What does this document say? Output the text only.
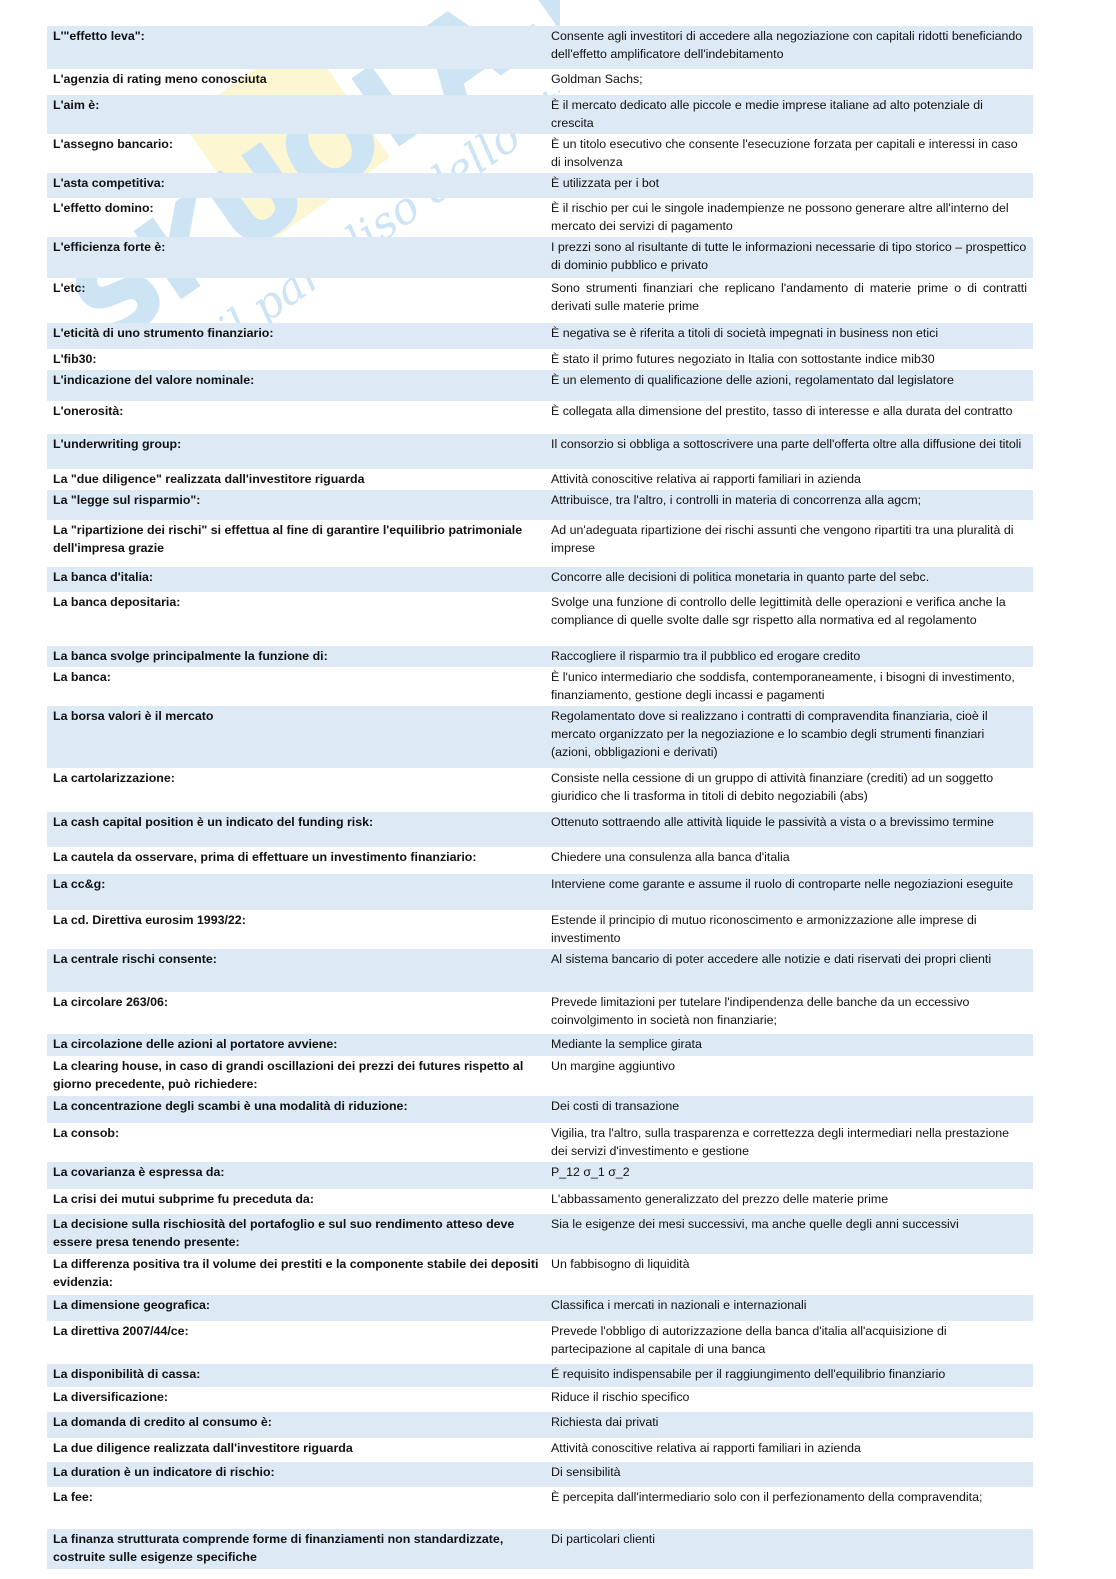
dello studente
L'"effetto leva":	Consente agli investitori di accedere alla negoziazione con capitali ridotti beneficiando dell'effetto amplificatore dell'indebitamento
L'agenzia di rating meno conosciuta	Goldman Sachs;
L'aim è:	È il mercato dedicato alle piccole e medie imprese italiane ad alto potenziale di crescita
L'assegno bancario:	È un titolo esecutivo che consente l'esecuzione forzata per capitali e interessi in caso di insolvenza
L'asta competitiva:	È utilizzata per i bot
L'effetto domino:	È il rischio per cui le singole inadempienze ne possono generare altre all'interno del mercato dei servizi di pagamento
L'efficienza forte è:	I prezzi sono al risultante di tutte le informazioni necessarie di tipo storico – prospettico di dominio pubblico e privato
L'etc:	Sono strumenti finanziari che replicano l'andamento di materie prime o di contratti derivati sulle materie prime
L'eticità di uno strumento finanziario:	È negativa se è riferita a titoli di società impegnati in business non etici
L'fib30:	È stato il primo futures negoziato in Italia con sottostante indice mib30
L'indicazione del valore nominale:	È un elemento di qualificazione delle azioni, regolamentato dal legislatore
L'onerosità:	È collegata alla dimensione del prestito, tasso di interesse e alla durata del contratto
L'underwriting group:	Il consorzio si obbliga a sottoscrivere una parte dell'offerta oltre alla diffusione dei titoli
La "due diligence" realizzata dall'investitore riguarda	Attività conoscitive relativa ai rapporti familiari in azienda
La "legge sul risparmio":	Attribuisce, tra l'altro, i controlli in materia di concorrenza alla agcm;
La "ripartizione dei rischi" si effettua al fine di garantire l'equilibrio patrimoniale dell'impresa grazie	Ad un'adeguata ripartizione dei rischi assunti che vengono ripartiti tra una pluralità di imprese
La banca d'italia:	Concorre alle decisioni di politica monetaria in quanto parte del sebc.
La banca depositaria:	Svolge una funzione di controllo delle legittimità delle operazioni e verifica anche la compliance di quelle svolte dalle sgr rispetto alla normativa ed al regolamento
La banca svolge principalmente la funzione di:	Raccogliere il risparmio tra il pubblico ed erogare credito
La banca:	È l'unico intermediario che soddisfa, contemporaneamente, i bisogni di investimento, finanziamento, gestione degli incassi e pagamenti
La borsa valori è il mercato	Regolamentato dove si realizzano i contratti di compravendita finanziaria, cioè il mercato organizzato per la negoziazione e lo scambio degli strumenti finanziari (azioni, obbligazioni e derivati)
La cartolarizzazione:	Consiste nella cessione di un gruppo di attività finanziare (crediti) ad un soggetto giuridico che li trasforma in titoli di debito negoziabili (abs)
La cash capital position è un indicato del funding risk:	Ottenuto sottraendo alle attività liquide le passività a vista o a brevissimo termine
La cautela da osservare, prima di effettuare un investimento finanziario:	Chiedere una consulenza alla banca d'italia
La cc&g:	Interviene come garante e assume il ruolo di controparte nelle negoziazioni eseguite
La cd. Direttiva eurosim 1993/22:	Estende il principio di mutuo riconoscimento e armonizzazione alle imprese di investimento
La centrale rischi consente:	Al sistema bancario di poter accedere alle notizie e dati riservati dei propri clienti
La circolare 263/06:	Prevede limitazioni per tutelare l'indipendenza delle banche da un eccessivo coinvolgimento in società non finanziarie;
La circolazione delle azioni al portatore avviene:	Mediante la semplice girata
La clearing house, in caso di grandi oscillazioni dei prezzi dei futures rispetto al giorno precedente, può richiedere:	Un margine aggiuntivo
La concentrazione degli scambi è una modalità di riduzione:	Dei costi di transazione
La consob:	Vigilia, tra l'altro, sulla trasparenza e correttezza degli intermediari nella prestazione dei servizi d'investimento e gestione
La covarianza è espressa da:	P_12 σ_1 σ_2
La crisi dei mutui subprime fu preceduta da:	L'abbassamento generalizzato del prezzo delle materie prime
La decisione sulla rischiosità del portafoglio e sul suo rendimento atteso deve essere presa tenendo presente:	Sia le esigenze dei mesi successivi, ma anche quelle degli anni successivi
La differenza positiva tra il volume dei prestiti e la componente stabile dei depositi evidenzia:	Un fabbisogno di liquidità
La dimensione geografica:	Classifica i mercati in nazionali e internazionali
La direttiva 2007/44/ce:	Prevede l'obbligo di autorizzazione della banca d'italia all'acquisizione di partecipazione al capitale di una banca
La disponibilità di cassa:	É requisito indispensabile per il raggiungimento dell'equilibrio finanziario
La diversificazione:	Riduce il rischio specifico
La domanda di credito al consumo è:	Richiesta dai privati
La due diligence realizzata dall'investitore riguarda	Attività conoscitive relativa ai rapporti familiari in azienda
La duration è un indicatore di rischio:	Di sensibilità
La fee:	È percepita dall'intermediario solo con il perfezionamento della compravendita;
La finanza strutturata comprende forme di finanziamenti non standardizzate, costruite sulle esigenze specifiche	Di particolari clienti
